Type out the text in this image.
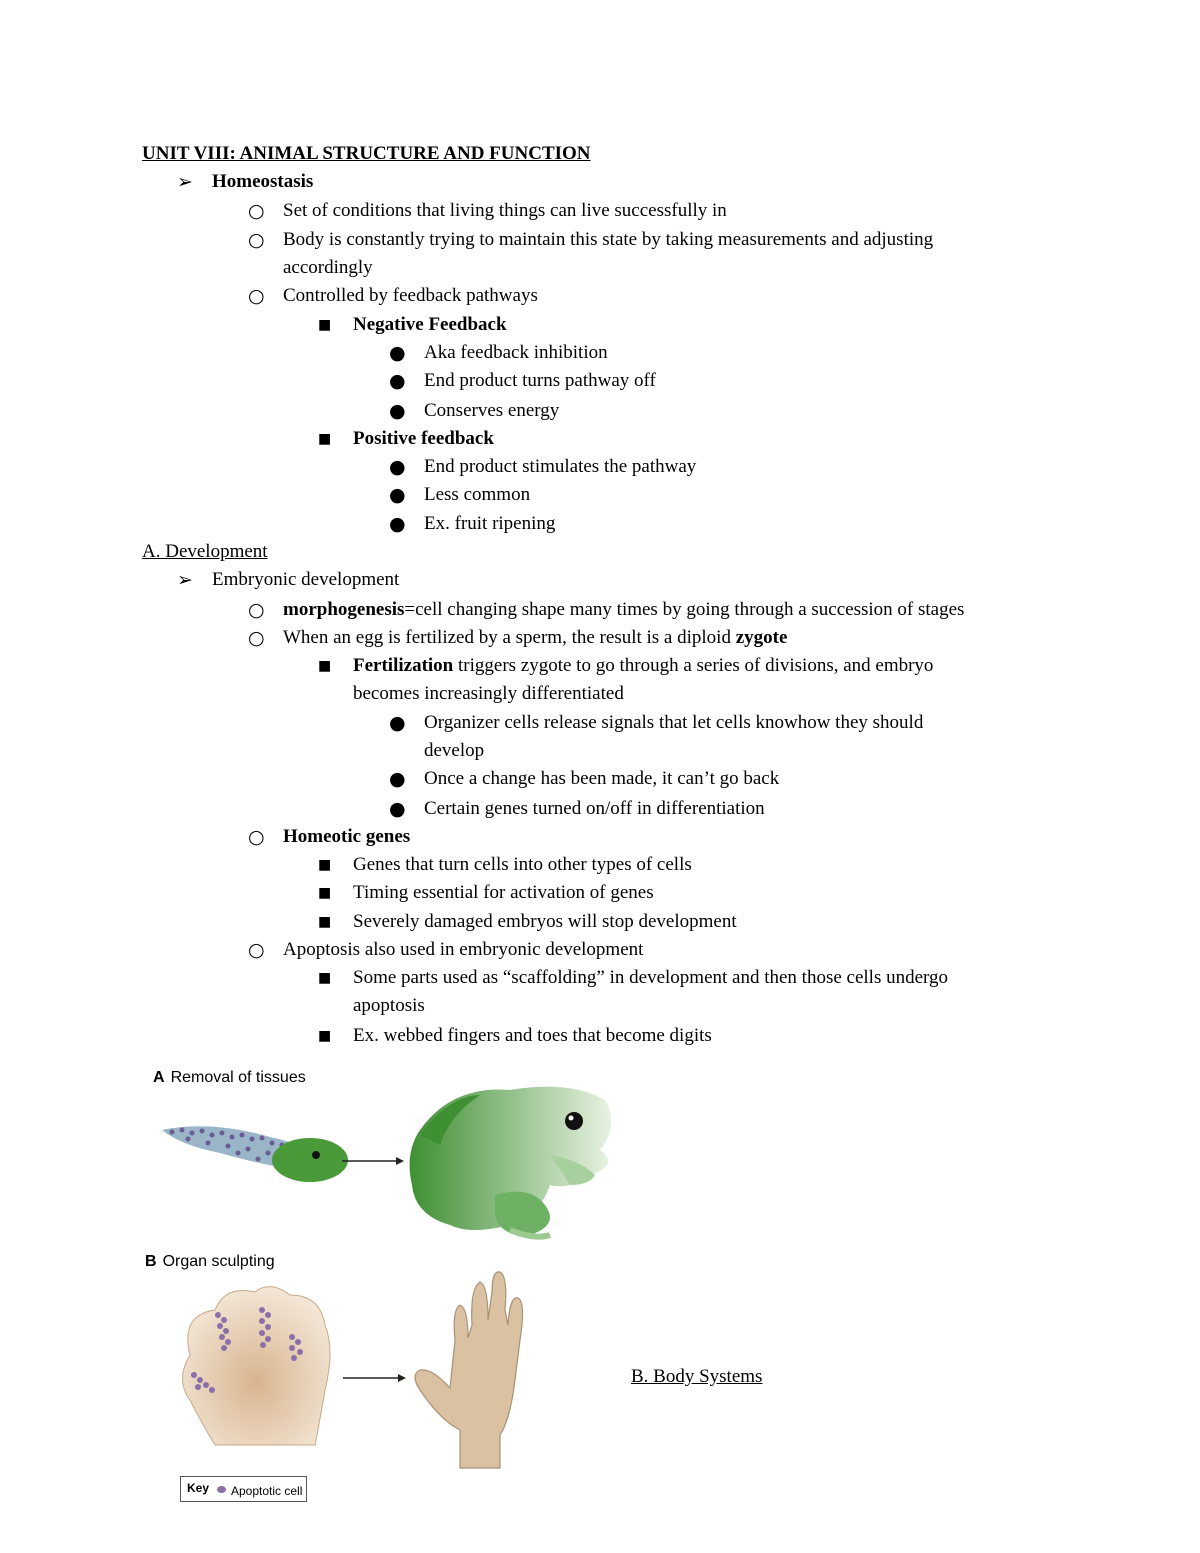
UNIT VIII: ANIMAL STRUCTURE AND FUNCTION
➢ Homeostasis
○ Set of conditions that living things can live successfully in
○ Body is constantly trying to maintain this state by taking measurements and adjusting
accordingly
○ Controlled by feedback pathways
■ Negative Feedback
● Aka feedback inhibition
● End product turns pathway off
● Conserves energy
■ Positive feedback
● End product stimulates the pathway
● Less common
● Ex. fruit ripening
A. Development
➢ Embryonic development
○ morphogenesis=cell changing shape many times by going through a succession of stages
○ When an egg is fertilized by a sperm, the result is a diploid zygote
■ Fertilization triggers zygote to go through a series of divisions, and embryo
becomes increasingly differentiated
● Organizer cells release signals that let cells knowhow they should
develop
● Once a change has been made, it can’t go back
● Certain genes turned on/off in differentiation
○ Homeotic genes
■ Genes that turn cells into other types of cells
■ Timing essential for activation of genes
■ Severely damaged embryos will stop development
○ Apoptosis also used in embryonic development
■ Some parts used as “scaffolding” in development and then those cells undergo
apoptosis
■ Ex. webbed fingers and toes that become digits
A Removal of tissues
B Organ sculpting
Key Apoptotic cell
B. Body Systems
